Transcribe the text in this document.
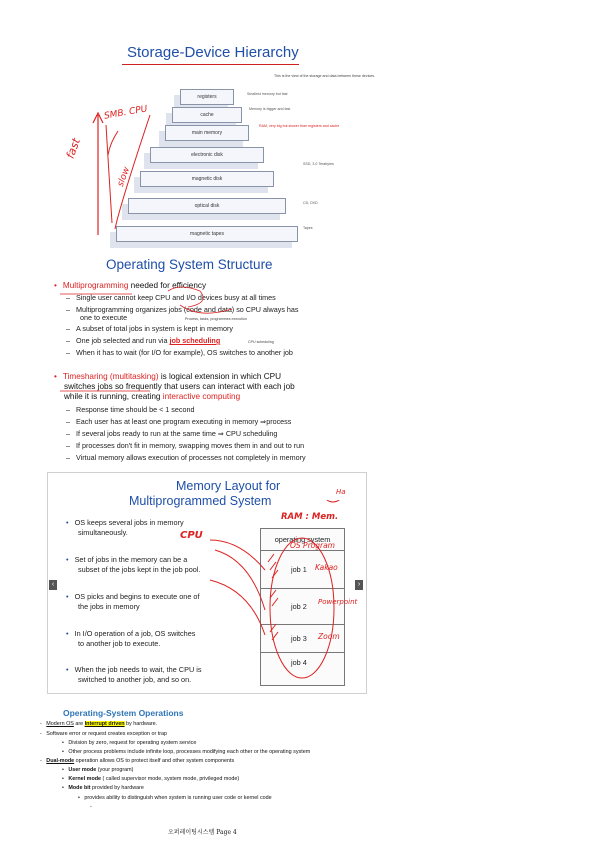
Storage-Device Hierarchy
This is the view of the storage and data between these devices.
registers
cache
main memory
electronic disk
magnetic disk
optical disk
magnetic tapes
Smallest memory but fast
Memory is bigger and fast
RAM, very big but slower than registers and cache
SSD, 3.0 Terabytes
CD, DVD
Tapes
fast
slow
SMB. CPU
Operating System Structure
• Multiprogramming needed for efficiency
– Single user cannot keep CPU and I/O devices busy at all times
– Multiprogramming organizes jobs (code and data) so CPU always has
one to execute	Process, tasks, programmes execution
– A subset of total jobs in system is kept in memory
– One job selected and run via job scheduling	CPU scheduling
– When it has to wait (for I/O for example), OS switches to another job
• Timesharing (multitasking) is logical extension in which CPU
switches jobs so frequently that users can interact with each job
while it is running, creating interactive computing
– Response time should be < 1 second
– Each user has at least one program executing in memory ⇒process
– If several jobs ready to run at the same time ⇒ CPU scheduling
– If processes don't fit in memory, swapping moves them in and out to run
– Virtual memory allows execution of processes not completely in memory
Memory Layout for
Multiprogrammed System
• OS keeps several jobs in memory
simultaneously.
• Set of jobs in the memory can be a
subset of the jobs kept in the job pool.
• OS picks and begins to execute one of
the jobs in memory
• In I/O operation of a job, OS switches
to another job to execute.
• When the job needs to wait, the CPU is
switched to another job, and so on.
operating system
job 1
job 2
job 3
job 4
‹	›
RAM : Mem.
OS Program
CPU
Kakao
Powerpoint
Zoom
Ha
Operating-System Operations
-   Modern OS are Interrupt driven by hardware.
-   Software error or request creates exception or trap
•   Division by zero, request for operating system service
•   Other process problems include infinite loop, processes modifying each other or the operating system
-   Dual-mode operation allows OS to protect itself and other system components
•   User mode (your program)
•   Kernel mode ( called supervisor mode, system mode, privileged mode)
•   Mode bit provided by hardware
•   provides ability to distinguish when system is running user code or kernel code
-
오퍼레이팅시스템 Page 4
